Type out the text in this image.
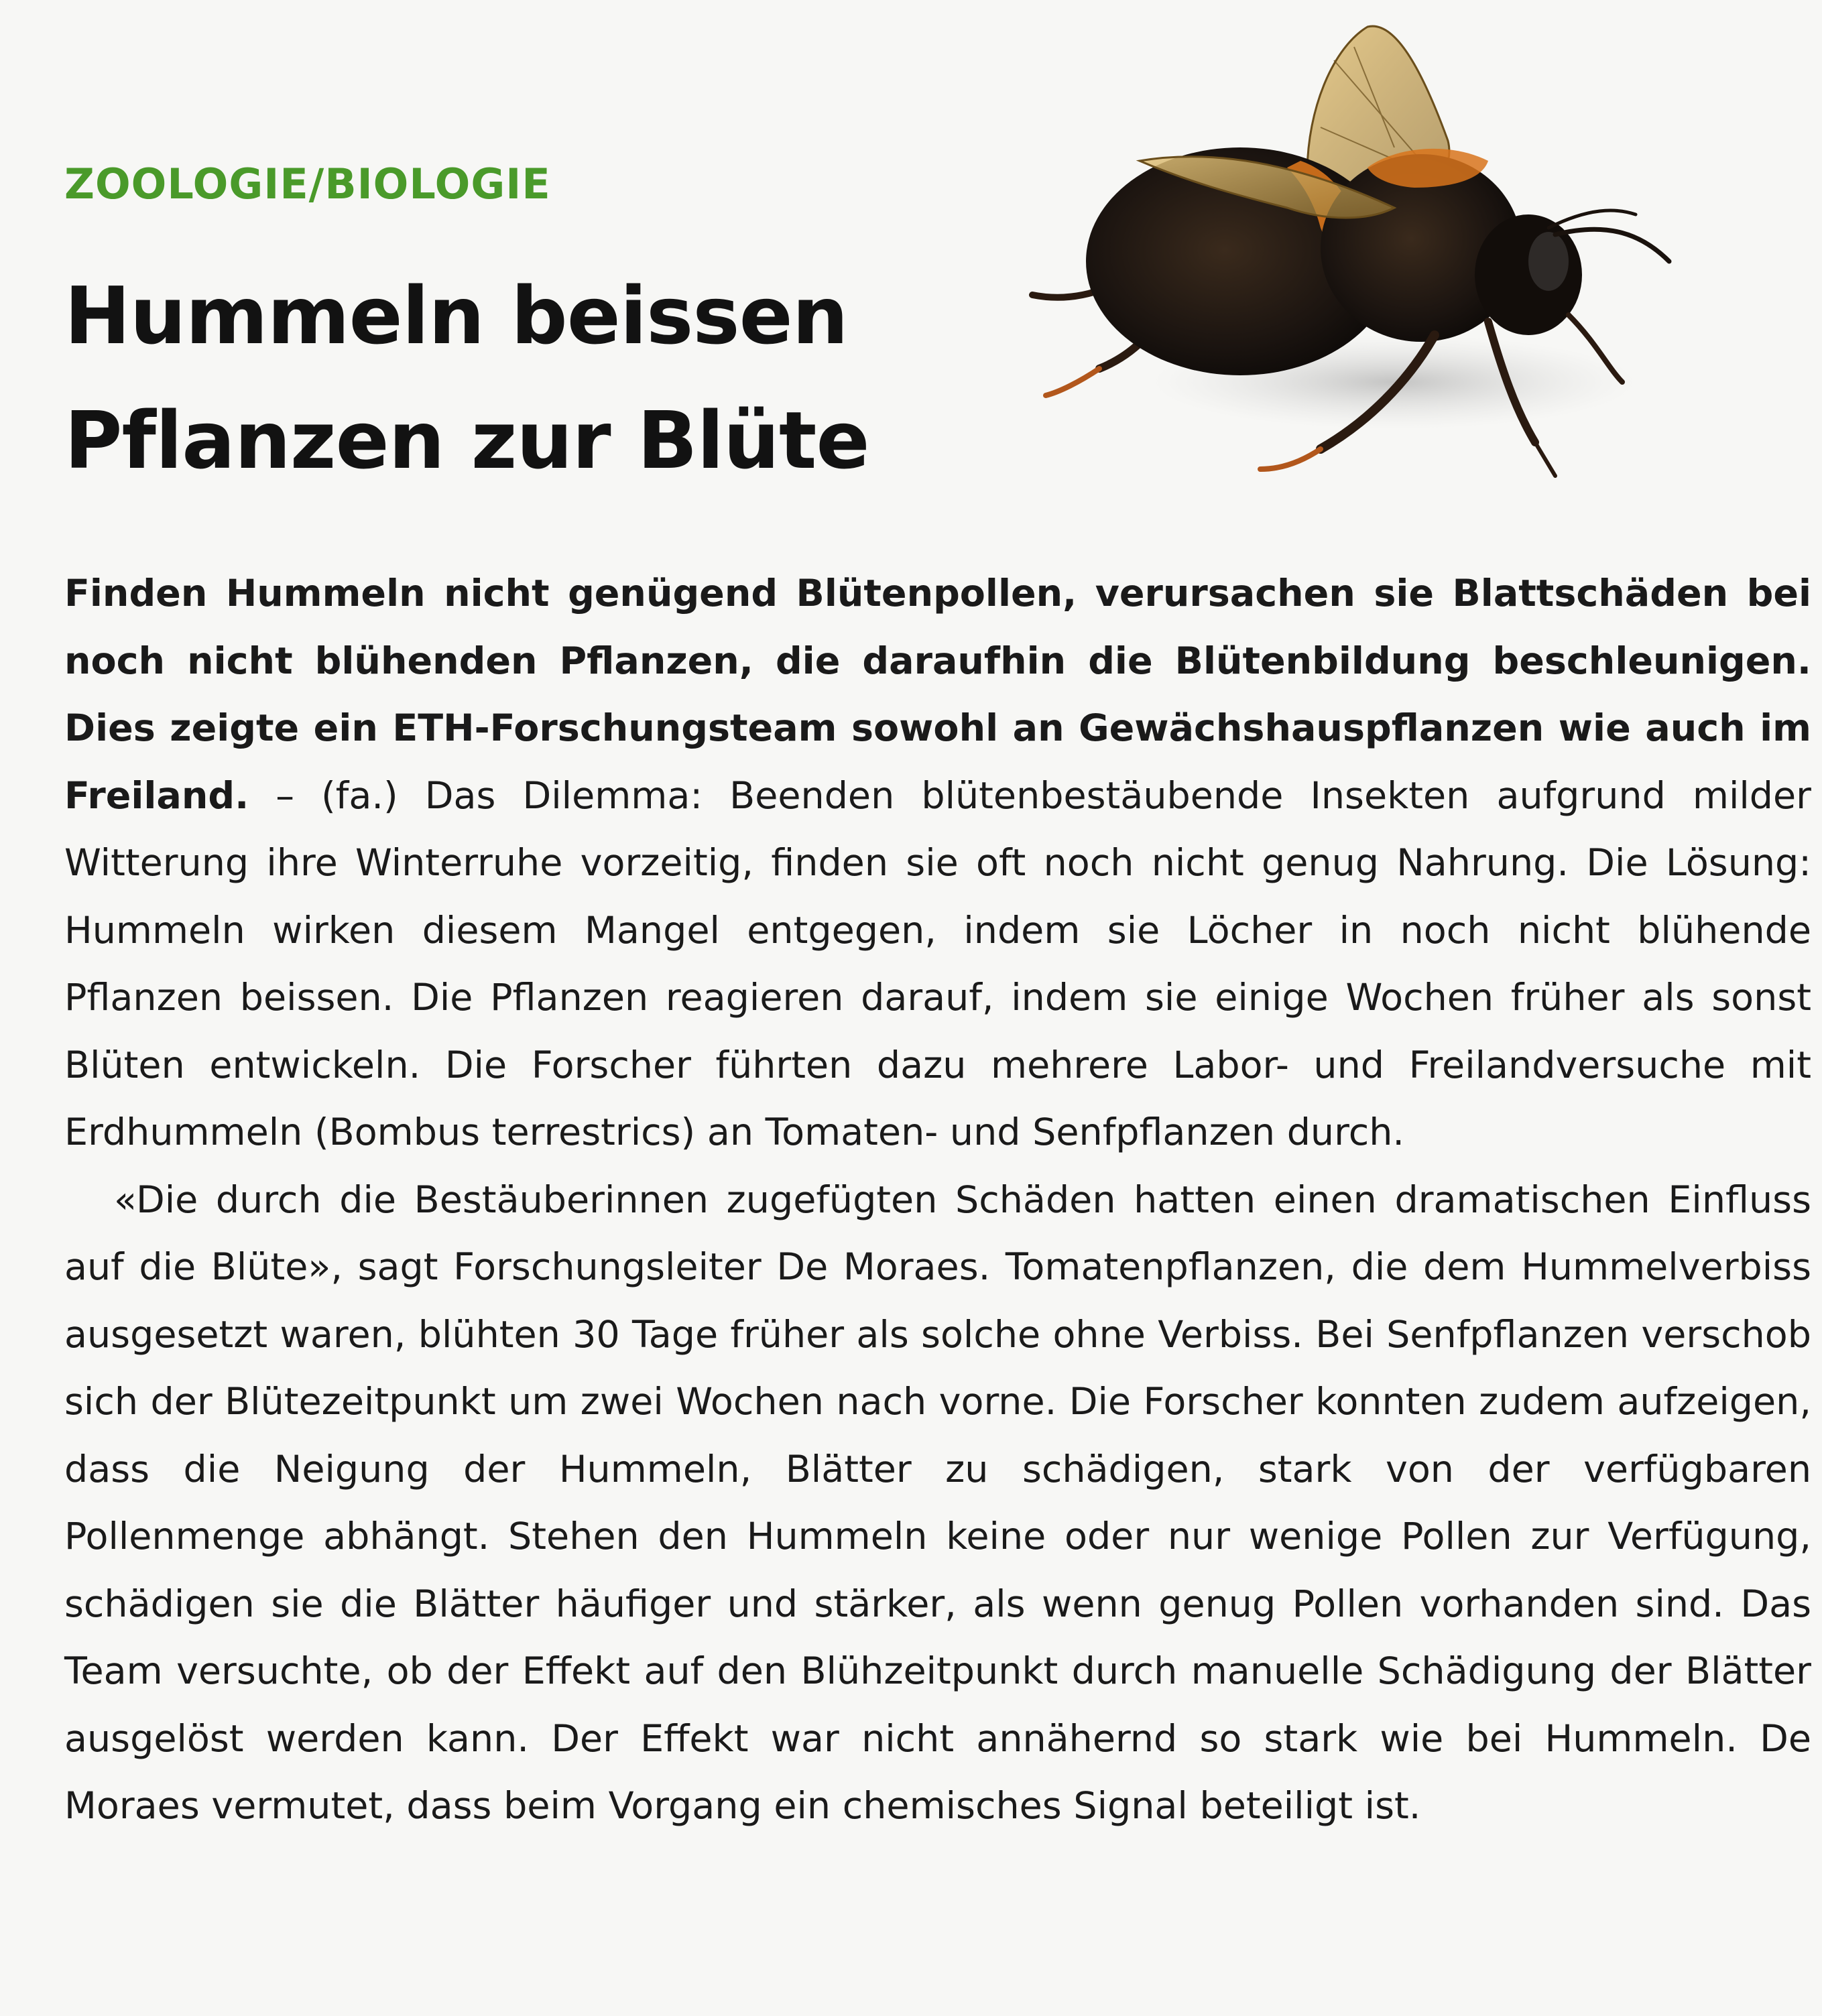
ZOOLOGIE/BIOLOGIE
Hummeln beissen
Pflanzen zur Blüte

Finden Hummeln nicht genügend Blütenpollen, verursachen sie Blattschäden bei noch nicht blühenden Pflanzen, die daraufhin die Blütenbildung beschleunigen. Dies zeigte ein ETH-Forschungsteam sowohl an Gewächshauspflanzen wie auch im Freiland. – (fa.) Das Dilemma: Beenden blütenbestäubende Insekten aufgrund milder Witterung ihre Winterruhe vorzeitig, finden sie oft noch nicht genug Nahrung. Die Lösung: Hummeln wirken diesem Mangel entgegen, indem sie Löcher in noch nicht blühende Pflanzen beissen. Die Pflanzen reagieren darauf, indem sie einige Wochen früher als sonst Blüten entwickeln. Die Forscher führten dazu mehrere Labor- und Freilandversuche mit Erdhummeln (Bombus terrestrics) an Tomaten- und Senfpflanzen durch.

«Die durch die Bestäuberinnen zugefügten Schäden hatten einen dramatischen Einfluss auf die Blüte», sagt Forschungsleiter De Moraes. Tomatenpflanzen, die dem Hummelverbiss ausgesetzt waren, blühten 30 Tage früher als solche ohne Verbiss. Bei Senfpflanzen verschob sich der Blütezeitpunkt um zwei Wochen nach vorne. Die Forscher konnten zudem aufzeigen, dass die Neigung der Hummeln, Blätter zu schädigen, stark von der verfügbaren Pollenmenge abhängt. Stehen den Hummeln keine oder nur wenige Pollen zur Verfügung, schädigen sie die Blätter häufiger und stärker, als wenn genug Pollen vorhanden sind. Das Team versuchte, ob der Effekt auf den Blühzeitpunkt durch manuelle Schädigung der Blätter ausgelöst werden kann. Der Effekt war nicht annähernd so stark wie bei Hummeln. De Moraes vermutet, dass beim Vorgang ein chemisches Signal beteiligt ist.
